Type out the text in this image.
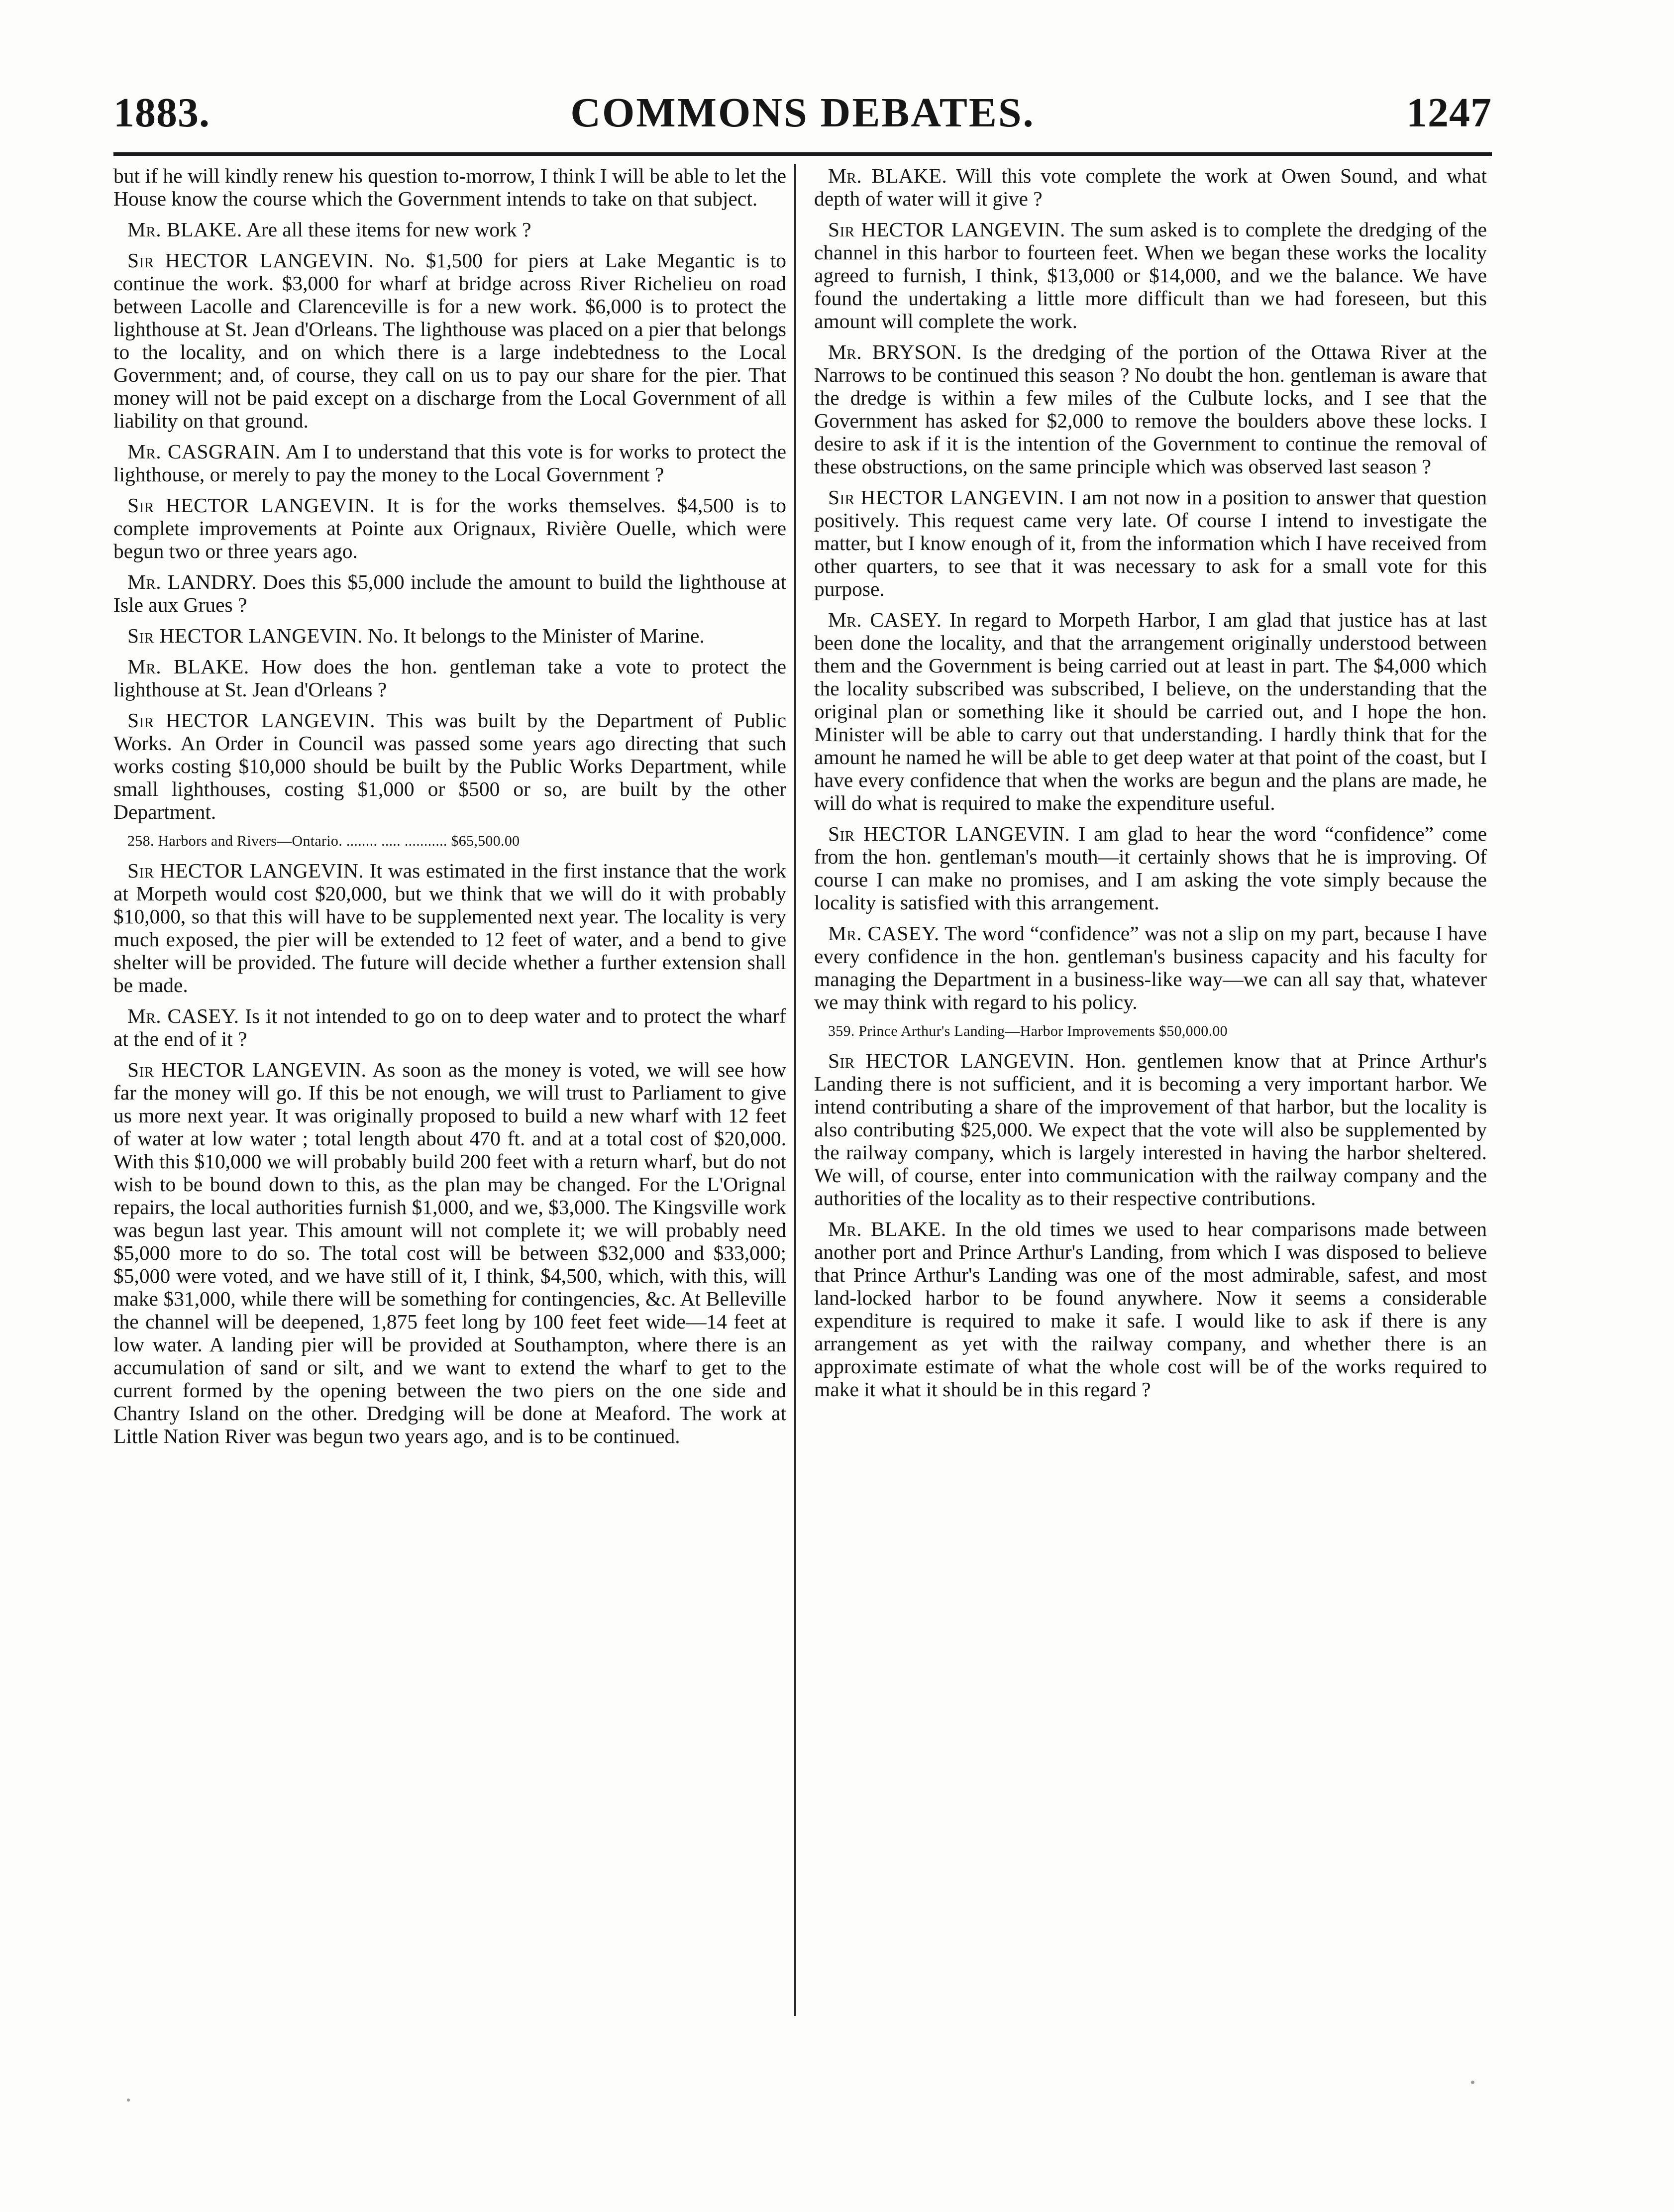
COMMONS DEBATES.
1883.	1247

but if he will kindly renew his question to-morrow, I think I will be able to let the House know the course which the Government intends to take on that subject.

Mr. BLAKE. Are all these items for new work ?

Sir HECTOR LANGEVIN. No. $1,500 for piers at Lake Megantic is to continue the work. $3,000 for wharf at bridge across River Richelieu on road between Lacolle and Clarenceville is for a new work. $6,000 is to protect the lighthouse at St. Jean d'Orleans. The lighthouse was placed on a pier that belongs to the locality, and on which there is a large indebtedness to the Local Government; and, of course, they call on us to pay our share for the pier. That money will not be paid except on a discharge from the Local Government of all liability on that ground.

Mr. CASGRAIN. Am I to understand that this vote is for works to protect the lighthouse, or merely to pay the money to the Local Government ?

Sir HECTOR LANGEVIN. It is for the works themselves. $4,500 is to complete improvements at Pointe aux Orignaux, Rivière Ouelle, which were begun two or three years ago.

Mr. LANDRY. Does this $5,000 include the amount to build the lighthouse at Isle aux Grues ?

Sir HECTOR LANGEVIN. No. It belongs to the Minister of Marine.

Mr. BLAKE. How does the hon. gentleman take a vote to protect the lighthouse at St. Jean d'Orleans ?

Sir HECTOR LANGEVIN. This was built by the Department of Public Works. An Order in Council was passed some years ago directing that such works costing $10,000 should be built by the Public Works Department, while small lighthouses, costing $1,000 or $500 or so, are built by the other Department.

258. Harbors and Rivers—Ontario. ........ ..... ........... $65,500.00

Sir HECTOR LANGEVIN. It was estimated in the first instance that the work at Morpeth would cost $20,000, but we think that we will do it with probably $10,000, so that this will have to be supplemented next year. The locality is very much exposed, the pier will be extended to 12 feet of water, and a bend to give shelter will be provided. The future will decide whether a further extension shall be made.

Mr. CASEY. Is it not intended to go on to deep water and to protect the wharf at the end of it ?

Sir HECTOR LANGEVIN. As soon as the money is voted, we will see how far the money will go. If this be not enough, we will trust to Parliament to give us more next year. It was originally proposed to build a new wharf with 12 feet of water at low water ; total length about 470 ft. and at a total cost of $20,000. With this $10,000 we will probably build 200 feet with a return wharf, but do not wish to be bound down to this, as the plan may be changed. For the L'Orignal repairs, the local authorities furnish $1,000, and we, $3,000. The Kingsville work was begun last year. This amount will not complete it; we will probably need $5,000 more to do so. The total cost will be between $32,000 and $33,000; $5,000 were voted, and we have still of it, I think, $4,500, which, with this, will make $31,000, while there will be something for contingencies, &c. At Belleville the channel will be deepened, 1,875 feet long by 100 feet feet wide—14 feet at low water. A landing pier will be provided at Southampton, where there is an accumulation of sand or silt, and we want to extend the wharf to get to the current formed by the opening between the two piers on the one side and Chantry Island on the other. Dredging will be done at Meaford. The work at Little Nation River was begun two years ago, and is to be continued.

Mr. BLAKE. Will this vote complete the work at Owen Sound, and what depth of water will it give ?

Sir HECTOR LANGEVIN. The sum asked is to complete the dredging of the channel in this harbor to fourteen feet. When we began these works the locality agreed to furnish, I think, $13,000 or $14,000, and we the balance. We have found the undertaking a little more difficult than we had foreseen, but this amount will complete the work.

Mr. BRYSON. Is the dredging of the portion of the Ottawa River at the Narrows to be continued this season ? No doubt the hon. gentleman is aware that the dredge is within a few miles of the Culbute locks, and I see that the Government has asked for $2,000 to remove the boulders above these locks. I desire to ask if it is the intention of the Government to continue the removal of these obstructions, on the same principle which was observed last season ?

Sir HECTOR LANGEVIN. I am not now in a position to answer that question positively. This request came very late. Of course I intend to investigate the matter, but I know enough of it, from the information which I have received from other quarters, to see that it was necessary to ask for a small vote for this purpose.

Mr. CASEY. In regard to Morpeth Harbor, I am glad that justice has at last been done the locality, and that the arrangement originally understood between them and the Government is being carried out at least in part. The $4,000 which the locality subscribed was subscribed, I believe, on the understanding that the original plan or something like it should be carried out, and I hope the hon. Minister will be able to carry out that understanding. I hardly think that for the amount he named he will be able to get deep water at that point of the coast, but I have every confidence that when the works are begun and the plans are made, he will do what is required to make the expenditure useful.

Sir HECTOR LANGEVIN. I am glad to hear the word “confidence” come from the hon. gentleman's mouth—it certainly shows that he is improving. Of course I can make no promises, and I am asking the vote simply because the locality is satisfied with this arrangement.

Mr. CASEY. The word “confidence” was not a slip on my part, because I have every confidence in the hon. gentleman's business capacity and his faculty for managing the Department in a business-like way—we can all say that, whatever we may think with regard to his policy.

359. Prince Arthur's Landing—Harbor Improvements $50,000.00

Sir HECTOR LANGEVIN. Hon. gentlemen know that at Prince Arthur's Landing there is not sufficient, and it is becoming a very important harbor. We intend contributing a share of the improvement of that harbor, but the locality is also contributing $25,000. We expect that the vote will also be supplemented by the railway company, which is largely interested in having the harbor sheltered. We will, of course, enter into communication with the railway company and the authorities of the locality as to their respective contributions.

Mr. BLAKE. In the old times we used to hear comparisons made between another port and Prince Arthur's Landing, from which I was disposed to believe that Prince Arthur's Landing was one of the most admirable, safest, and most land-locked harbor to be found anywhere. Now it seems a considerable expenditure is required to make it safe. I would like to ask if there is any arrangement as yet with the railway company, and whether there is an approximate estimate of what the whole cost will be of the works required to make it what it should be in this regard ?
